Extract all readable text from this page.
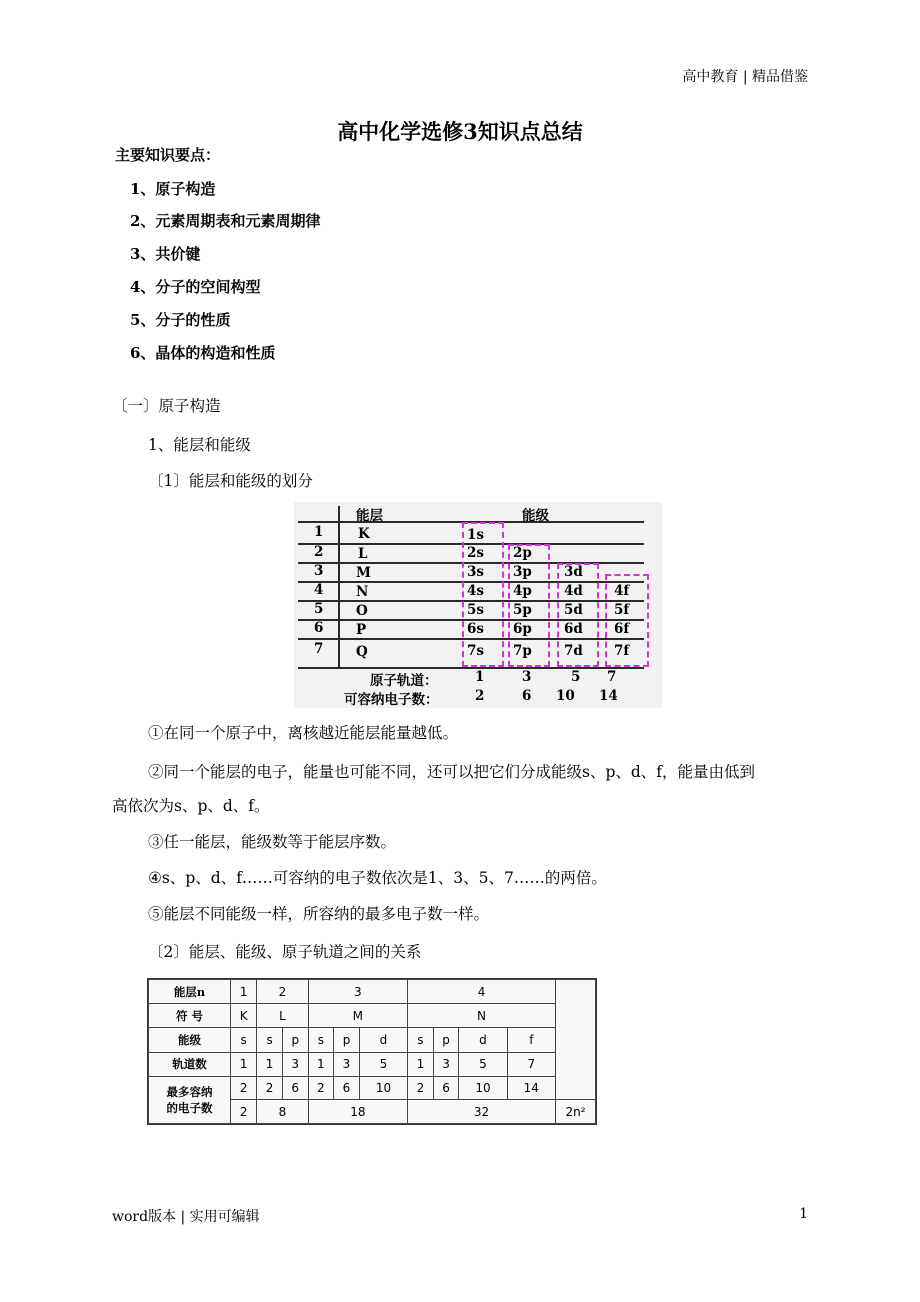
高中教育 | 精品借鉴
高中化学选修3知识点总结
主要知识要点：
1、原子构造
2、元素周期表和元素周期律
3、共价键
4、分子的空间构型
5、分子的性质
6、晶体的构造和性质
〔一〕原子构造
1、能层和能级
〔1〕能层和能级的划分
能层	能级
1	K	1s
2	L	2s 2p
3 M	3s 3p 3d
4 N	4s 4p 4d 4f
5 O	5s 5p 5d 5f
6 P	6s 6p 6d 6f
7 Q	7s 7p 7d 7f
原子轨道：	1	3	5 7
可容纳电子数：	2	6 10 14
①在同一个原子中，离核越近能层能量越低。
②同一个能层的电子，能量也可能不同，还可以把它们分成能级s、p、d、f，能量由低到
高依次为s、p、d、f。
③任一能层，能级数等于能层序数。
④s、p、d、f……可容纳的电子数依次是1、3、5、7……的两倍。
⑤能层不同能级一样，所容纳的最多电子数一样。
〔2〕能层、能级、原子轨道之间的关系
能层n	1	2		3			4				
符 号	K	L		M			N				
能级	s	s	p	s	p	d	s	p	d	f	
轨道数	1	1	3	1	3	5	1	3	5	7	

最多容纳
的电子数	2	2	6	2	6	10	2	6	10	14	
	2	8		18			32				2n²
word版本 | 实用可编辑	1
